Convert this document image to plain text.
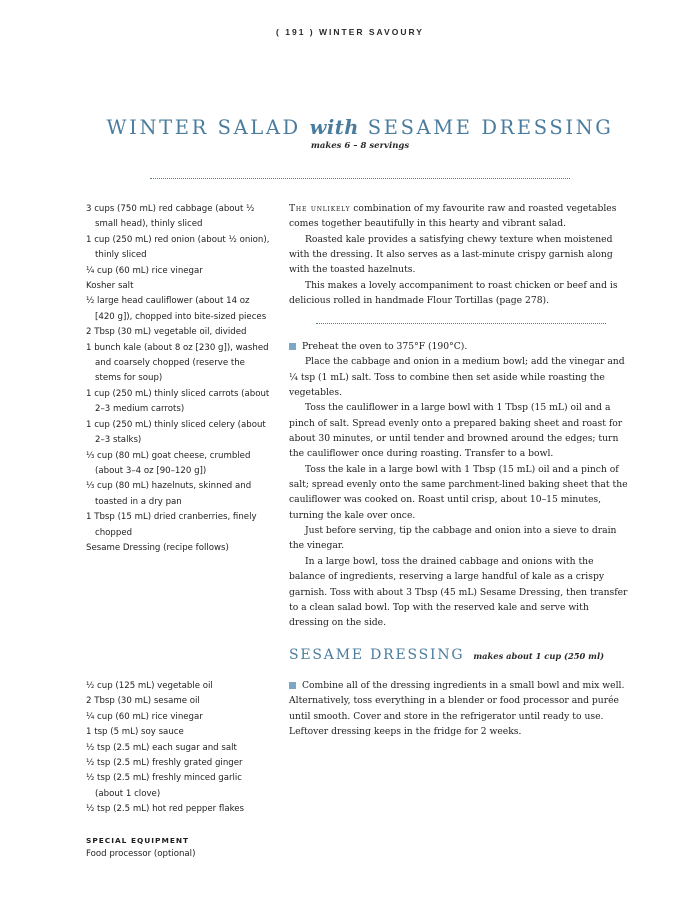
( 191 ) WINTER SAVOURY
WINTER SALAD with SESAME DRESSING
makes 6 – 8 servings
3 cups (750 mL) red cabbage (about ½ small head), thinly sliced
1 cup (250 mL) red onion (about ½ onion), thinly sliced
¼ cup (60 mL) rice vinegar
Kosher salt
½ large head cauliflower (about 14 oz [420 g]), chopped into bite-sized pieces
2 Tbsp (30 mL) vegetable oil, divided
1 bunch kale (about 8 oz [230 g]), washed and coarsely chopped (reserve the stems for soup)
1 cup (250 mL) thinly sliced carrots (about 2–3 medium carrots)
1 cup (250 mL) thinly sliced celery (about 2–3 stalks)
⅓ cup (80 mL) goat cheese, crumbled (about 3–4 oz [90–120 g])
⅓ cup (80 mL) hazelnuts, skinned and toasted in a dry pan
1 Tbsp (15 mL) dried cranberries, finely chopped
Sesame Dressing (recipe follows)

The unlikely combination of my favourite raw and roasted vegetables comes together beautifully in this hearty and vibrant salad.

Roasted kale provides a satisfying chewy texture when moistened with the dressing. It also serves as a last-minute crispy garnish along with the toasted hazelnuts.

This makes a lovely accompaniment to roast chicken or beef and is delicious rolled in handmade Flour Tortillas (page 278).

Preheat the oven to 375°F (190°C).

Place the cabbage and onion in a medium bowl; add the vinegar and ¼ tsp (1 mL) salt. Toss to combine then set aside while roasting the vegetables.

Toss the cauliflower in a large bowl with 1 Tbsp (15 mL) oil and a pinch of salt. Spread evenly onto a prepared baking sheet and roast for about 30 minutes, or until tender and browned around the edges; turn the cauliflower once during roasting. Transfer to a bowl.

Toss the kale in a large bowl with 1 Tbsp (15 mL) oil and a pinch of salt; spread evenly onto the same parchment-lined baking sheet that the cauliflower was cooked on. Roast until crisp, about 10–15 minutes, turning the kale over once.

Just before serving, tip the cabbage and onion into a sieve to drain the vinegar.

In a large bowl, toss the drained cabbage and onions with the balance of ingredients, reserving a large handful of kale as a crispy garnish. Toss with about 3 Tbsp (45 mL) Sesame Dressing, then transfer to a clean salad bowl. Top with the reserved kale and serve with dressing on the side.

SESAME DRESSING makes about 1 cup (250 ml)
½ cup (125 mL) vegetable oil
2 Tbsp (30 mL) sesame oil
¼ cup (60 mL) rice vinegar
1 tsp (5 mL) soy sauce
½ tsp (2.5 mL) each sugar and salt
½ tsp (2.5 mL) freshly grated ginger
½ tsp (2.5 mL) freshly minced garlic (about 1 clove)
½ tsp (2.5 mL) hot red pepper flakes

Combine all of the dressing ingredients in a small bowl and mix well. Alternatively, toss everything in a blender or food processor and purée until smooth. Cover and store in the refrigerator until ready to use. Leftover dressing keeps in the fridge for 2 weeks.

SPECIAL EQUIPMENT
Food processor (optional)
